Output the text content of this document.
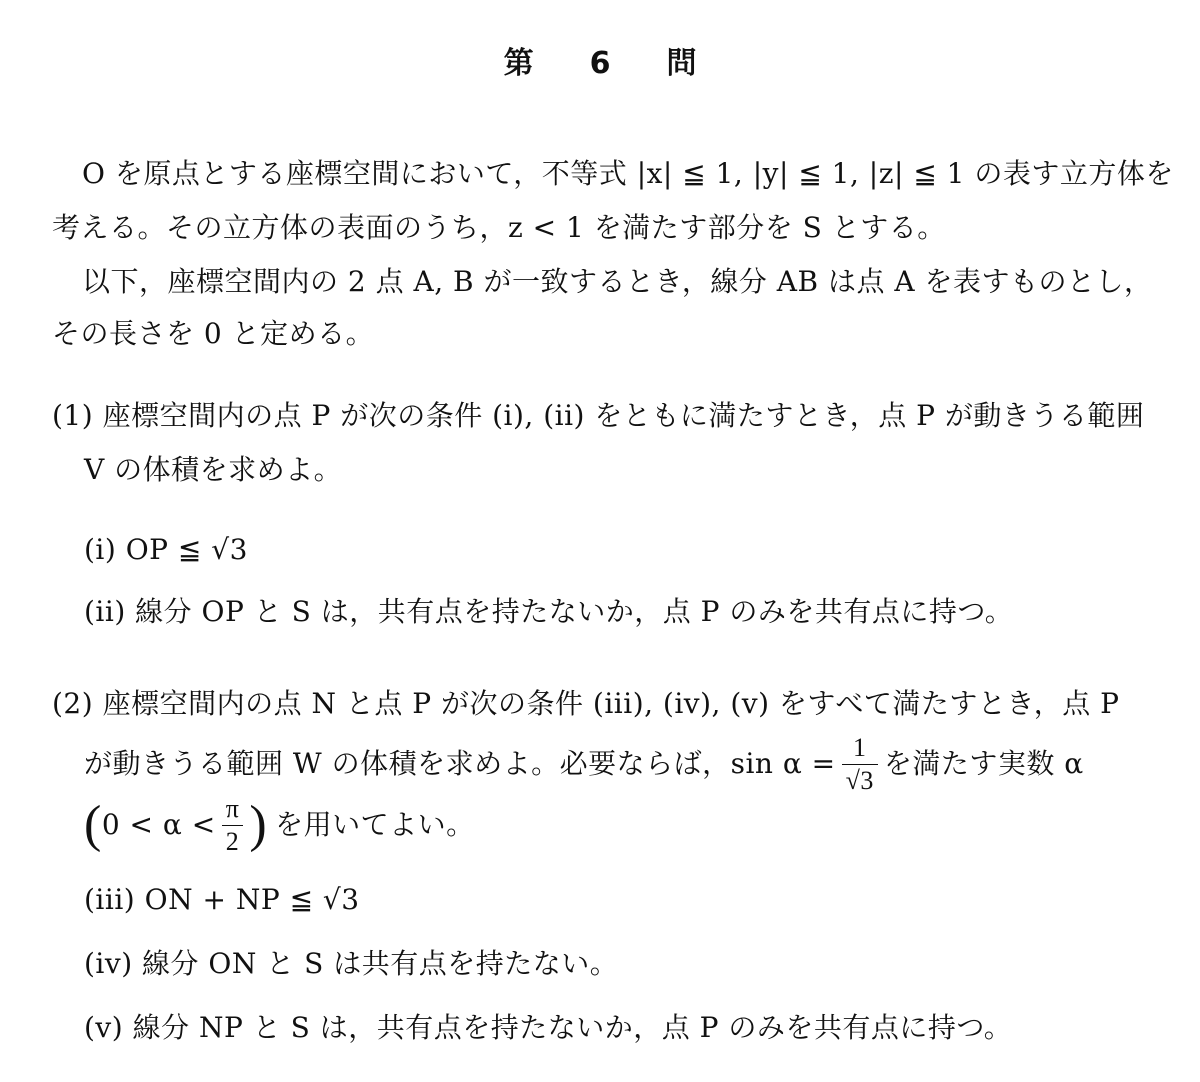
第 6 問
O を原点とする座標空間において，不等式 |x| ≦ 1, |y| ≦ 1, |z| ≦ 1 の表す立方体を
考える。その立方体の表面のうち，z < 1 を満たす部分を S とする。
以下，座標空間内の 2 点 A, B が一致するとき，線分 AB は点 A を表すものとし，
その長さを 0 と定める。
(1) 座標空間内の点 P が次の条件 (i), (ii) をともに満たすとき，点 P が動きうる範囲
V の体積を求めよ。
(i) OP ≦ √3
(ii) 線分 OP と S は，共有点を持たないか，点 P のみを共有点に持つ。
(2) 座標空間内の点 N と点 P が次の条件 (iii), (iv), (v) をすべて満たすとき，点 P
が動きうる範囲 W の体積を求めよ。必要ならば，$\sin \alpha = \frac{1}{√3}$ を満たす実数 α
( $0 < \alpha < \frac{\pi}{2}$ ) を用いてよい。
(iii) ON + NP ≦ √3
(iv) 線分 ON と S は共有点を持たない。
(v) 線分 NP と S は，共有点を持たないか，点 P のみを共有点に持つ。
